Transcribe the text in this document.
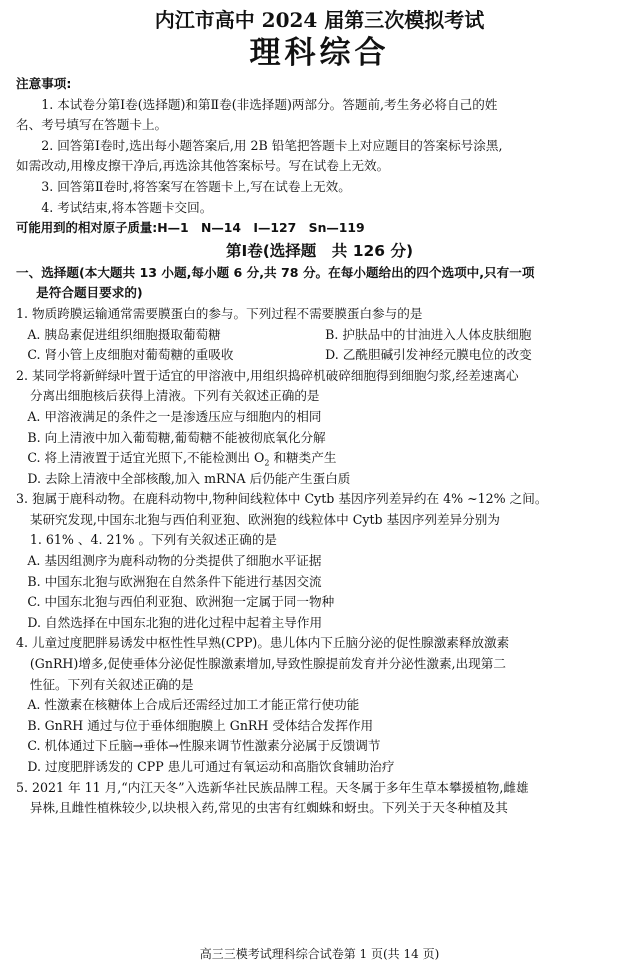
内江市高中 2024 届第三次模拟考试
理科综合

注意事项:

1. 本试卷分第Ⅰ卷(选择题)和第Ⅱ卷(非选择题)两部分。答题前,考生务必将自己的姓

名、考号填写在答题卡上。

2. 回答第Ⅰ卷时,选出每小题答案后,用 2B 铅笔把答题卡上对应题目的答案标号涂黑,

如需改动,用橡皮擦干净后,再选涂其他答案标号。写在试卷上无效。

3. 回答第Ⅱ卷时,将答案写在答题卡上,写在试卷上无效。

4. 考试结束,将本答题卡交回。

可能用到的相对原子质量:H—1　N—14　I—127　Sn—119

第Ⅰ卷(选择题　共 126 分)

一、选择题(本大题共 13 小题,每小题 6 分,共 78 分。在每小题给出的四个选项中,只有一项

是符合题目要求的)

1. 物质跨膜运输通常需要膜蛋白的参与。下列过程不需要膜蛋白参与的是
A. 胰岛素促进组织细胞摄取葡萄糖	B. 护肤品中的甘油进入人体皮肤细胞
C. 肾小管上皮细胞对葡萄糖的重吸收	D. 乙酰胆碱引发神经元膜电位的改变
2. 某同学将新鲜绿叶置于适宜的甲溶液中,用组织捣碎机破碎细胞得到细胞匀浆,经差速离心
分离出细胞核后获得上清液。下列有关叙述正确的是
A. 甲溶液满足的条件之一是渗透压应与细胞内的相同
B. 向上清液中加入葡萄糖,葡萄糖不能被彻底氧化分解
C. 将上清液置于适宜光照下,不能检测出 $O_2$ 和糖类产生
D. 去除上清液中全部核酸,加入 mRNA 后仍能产生蛋白质
3. 狍属于鹿科动物。在鹿科动物中,物种间线粒体中 Cytb 基因序列差异约在 4% ~12% 之间。
某研究发现,中国东北狍与西伯利亚狍、欧洲狍的线粒体中 Cytb 基因序列差异分别为
1. 61% 、4. 21% 。下列有关叙述正确的是
A. 基因组测序为鹿科动物的分类提供了细胞水平证据
B. 中国东北狍与欧洲狍在自然条件下能进行基因交流
C. 中国东北狍与西伯利亚狍、欧洲狍一定属于同一物种
D. 自然选择在中国东北狍的进化过程中起着主导作用
4. 儿童过度肥胖易诱发中枢性性早熟(CPP)。患儿体内下丘脑分泌的促性腺激素释放激素
(GnRH)增多,促使垂体分泌促性腺激素增加,导致性腺提前发育并分泌性激素,出现第二
性征。下列有关叙述正确的是
A. 性激素在核糖体上合成后还需经过加工才能正常行使功能
B. GnRH 通过与位于垂体细胞膜上 GnRH 受体结合发挥作用
C. 机体通过下丘脑→垂体→性腺来调节性激素分泌属于反馈调节
D. 过度肥胖诱发的 CPP 患儿可通过有氧运动和高脂饮食辅助治疗
5. 2021 年 11 月,“内江天冬”入选新华社民族品牌工程。天冬属于多年生草本攀援植物,雌雄
异株,且雌性植株较少,以块根入药,常见的虫害有红蜘蛛和蚜虫。下列关于天冬种植及其
高三三模考试理科综合试卷第 1 页(共 14 页)
